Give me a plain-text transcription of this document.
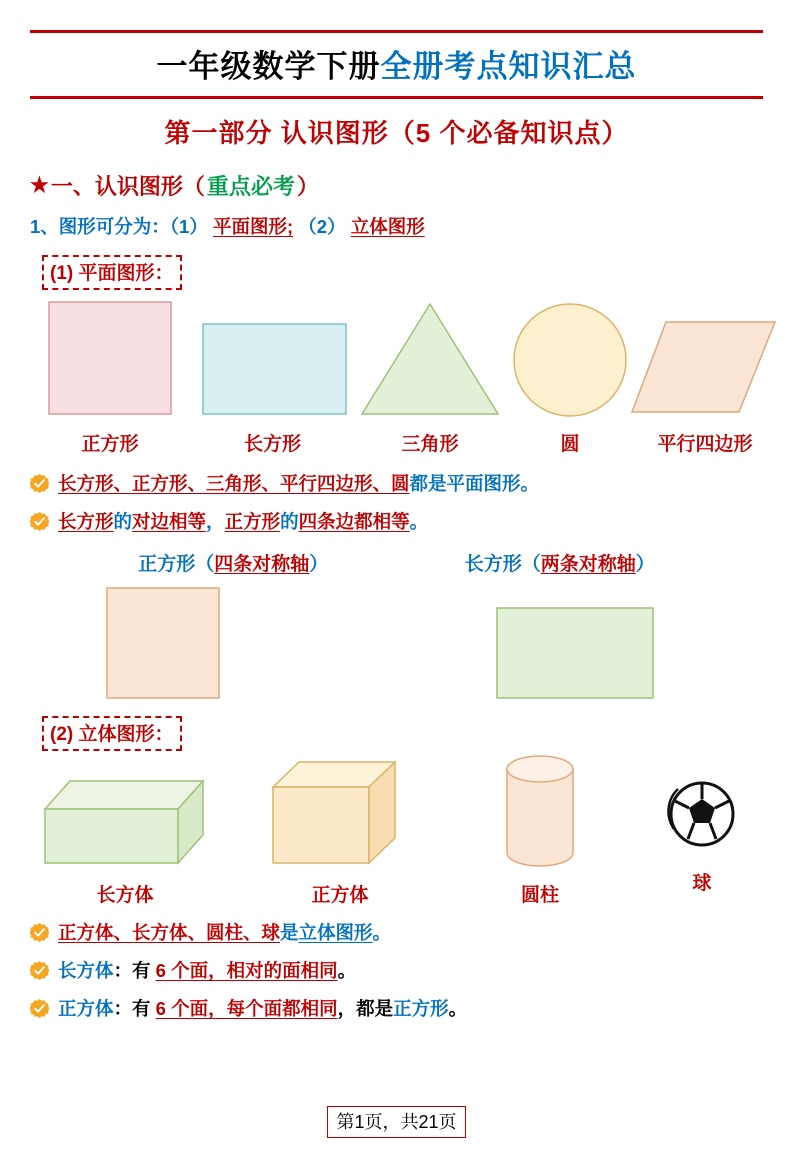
一年级数学下册全册考点知识汇总
第一部分 认识图形（5 个必备知识点）
★ 一、认识图形（ 重点必考 ）
1、图形可分为：（1） 平面图形; （2） 立体图形
(1) 平面图形：
正方形	长方形	三角形	圆	平行四边形
长方形、正方形、三角形、平行四边形、圆都是平面图形。
长方形的对边相等，正方形的四条边都相等。
正方形（四条对称轴）	长方形（两条对称轴）
(2) 立体图形：
长方体	正方体	圆柱
球
正方体、长方体、圆柱、球是立体图形。
长方体：有 6 个面，相对的面相同。
正方体：有 6 个面，每个面都相同，都是正方形。
第1页，共21页
